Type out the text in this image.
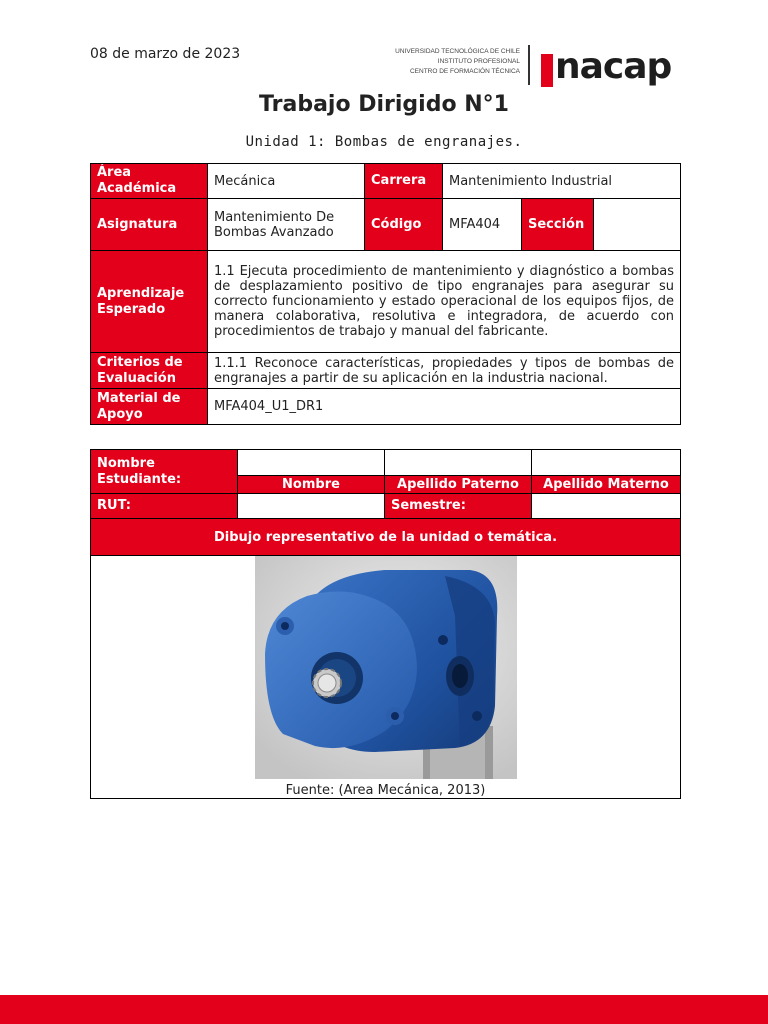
08 de marzo de 2023	UNIVERSIDAD TECNOLÓGICA DE CHILE
INSTITUTO PROFESIONAL
CENTRO DE FORMACIÓN TÉCNICA nacap
Trabajo Dirigido N°1
Unidad 1: Bombas de engranajes.
Área Académica	Mecánica	Carrera	Mantenimiento Industrial		
Asignatura	Mantenimiento De Bombas Avanzado	Código	MFA404	Sección	
Aprendizaje Esperado	1.1 Ejecuta procedimiento de mantenimiento y diagnóstico a bombas de desplazamiento positivo de tipo engranajes para asegurar su correcto funcionamiento y estado operacional de los equipos fijos, de manera colaborativa, resolutiva e integradora, de acuerdo con procedimientos de trabajo y manual del fabricante.				
Criterios de Evaluación	1.1.1 Reconoce características, propiedades y tipos de bombas de engranajes a partir de su aplicación en la industria nacional.				
Material de Apoyo	MFA404_U1_DR1				
Nombre Estudiante:			
	Nombre	Apellido Paterno	Apellido Materno
RUT:		Semestre:	
Dibujo representativo de la unidad o temática.			

Fuente: (Area Mecánica, 2013)			
